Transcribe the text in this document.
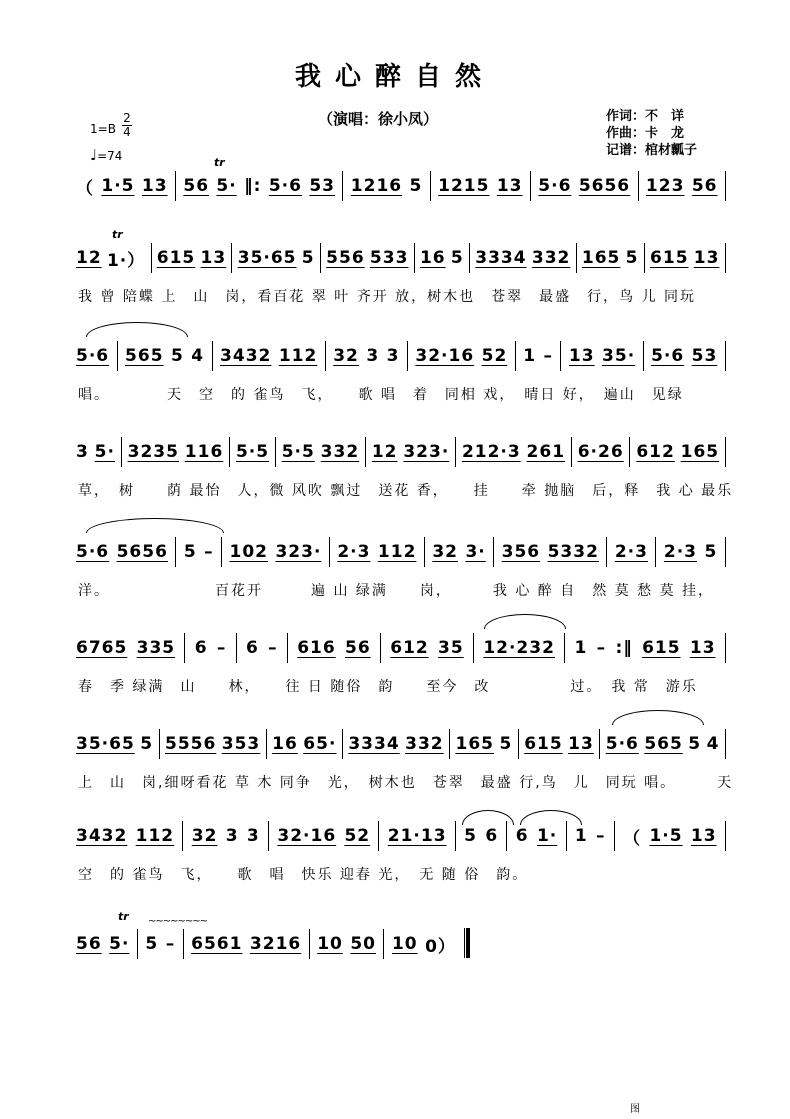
我心醉自然
（演唱：徐小凤）	作词：不　详
作曲：卡　龙
记谱：棺材瓤子
1=B
2
4
♩=74
（ 1·5 13 56 5· ‖: 5·6 53 1216 5 1215 13 5·6 5656 123 56
12 1·） 615 13 35·65 5 556 533 16 5 3334 332 165 5 615 13
我 曾 陪蝶 上　山　岗，看百花 翠 叶 齐开 放，树木也　苍翠　最盛　行，鸟 儿 同玩
5·6 565 5 4 3432 112 32 3 3 32·16 52 1 – 13 35· 5·6 53
唱。　　　　天　空　的 雀鸟　飞，　　歌 唱　着　同相 戏，　晴日 好，　遍山　见绿
3 5· 3235 116 5·5 5·5 332 12 323· 212·3 261 6·26 612 165
草，　树　　荫 最怡　人，微 风吹 飘过　送花 香，　　挂　　牵 抛脑　后，释　我 心 最乐
5·6 5656 5 – 102 323· 2·3 112 32 3· 356 5332 2·3 2·3 5
洋。　　　　　　　百花开　　　遍 山 绿满　　岗，　　　我 心 醉 自　然 莫 愁 莫 挂，
6765 335 6 – 6 – 616 56 612 35 12·232 1 – :‖ 615 13
春　季 绿满　山　　林，　　往 日 随俗　韵　　至今　改　　　　　过。　我 常　游乐
35·65 5 5556 353 16 65· 3334 332 165 5 615 13 5·6 565 5 4
上　山　岗,细呀看花 草 木 同争　光，　树木也　苍翠　最盛 行,鸟　儿　同玩 唱。　　　天
3432 112 32 3 3 32·16 52 21·13 5 6 6 1· 1 – （ 1·5 13
空　的 雀鸟　飞，　　歌　唱　快乐 迎春 光，　无 随 俗　韵。
56 5· 5 – 6561 3216 10 50 10 0）
tr ~~~~~~~~
图
tr
tr
